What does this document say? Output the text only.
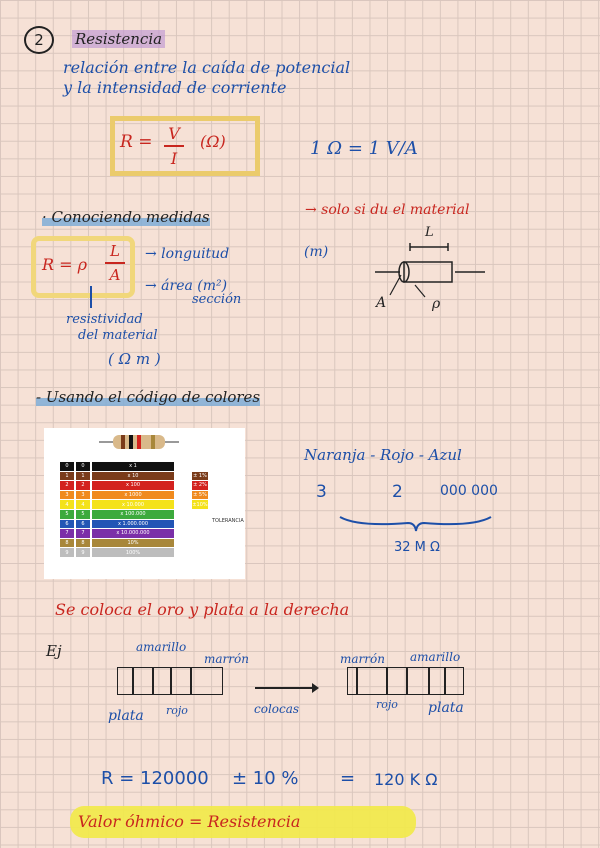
2 Resistencia
relación entre la caída de potencial
y la intensidad de corriente
R = V
I
(Ω)	1 Ω = 1 V/A
· Conociendo medidas	→ solo si du el material
R = ρ
L
A
→ longuitud	(m)
→ área (m²)
sección
resistividad
del material
( Ω m )
L
A	ρ
- Usando el código de colores
0	0	x 1
1	1	x 10	± 1%
2	2	x 100	± 2%
3	3	x 1000	± 5%
4	4	x 10.000	±10%
5	5	x 100.000
6	6	x 1.000.000
7	7	x 10.000.000
8	8	10%
9	9	100%
TOLERANCIA
Naranja - Rojo - Azul
3	2	000 000
32 M Ω
Se coloca el oro y plata a la derecha
Ej	amarillo
marrón
plata rojo	colocas
marrón amarillo
rojo plata
R = 120000 ± 10 % = 120 K Ω
Valor óhmico = Resistencia
